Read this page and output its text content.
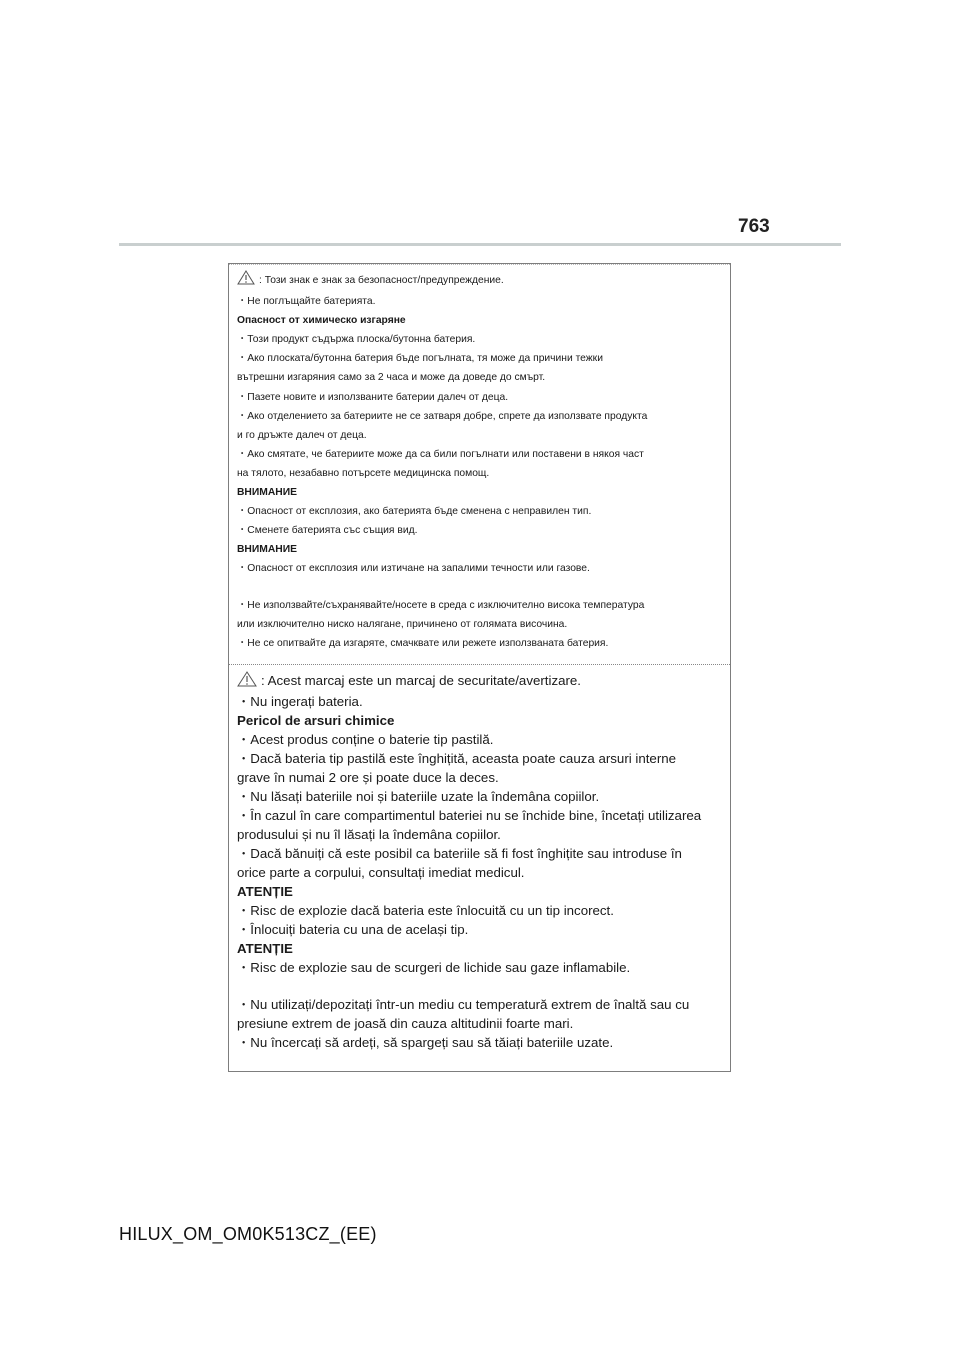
763
: Този знак е знак за безопасност/предупреждение.
・Не поглъщайте батерията.
Опасност от химическо изгаряне
・Този продукт съдържа плоска/бутонна батерия.
・Ако плоската/бутонна батерия бъде погълната, тя може да причини тежки
вътрешни изгаряния само за 2 часа и може да доведе до смърт.
・Пазете новите и използваните батерии далеч от деца.
・Ако отделението за батериите не се затваря добре, спрете да използвате продукта
и го дръжте далеч от деца.
・Ако смятате, че батериите може да са били погълнати или поставени в някоя част
на тялото, незабавно потърсете медицинска помощ.
ВНИМАНИЕ
・Опасност от експлозия, ако батерията бъде сменена с неправилен тип.
・Сменете батерията със същия вид.
ВНИМАНИЕ
・Опасност от експлозия или изтичане на запалими течности или газове.
・Не използвайте/съхранявайте/носете в среда с изключително висока температура
или изключително ниско налягане, причинено от голямата височина.
・Не се опитвайте да изгаряте, смачквате или режете използваната батерия.
: Acest marcaj este un marcaj de securitate/avertizare.
・Nu ingerați bateria.
Pericol de arsuri chimice
・Acest produs conține o baterie tip pastilă.
・Dacă bateria tip pastilă este înghițită, aceasta poate cauza arsuri interne
grave în numai 2 ore și poate duce la deces.
・Nu lăsați bateriile noi și bateriile uzate la îndemâna copiilor.
・În cazul în care compartimentul bateriei nu se închide bine, încetați utilizarea
produsului și nu îl lăsați la îndemâna copiilor.
・Dacă bănuiți că este posibil ca bateriile să fi fost înghițite sau introduse în
orice parte a corpului, consultați imediat medicul.
ATENȚIE
・Risc de explozie dacă bateria este înlocuită cu un tip incorect.
・Înlocuiți bateria cu una de același tip.
ATENȚIE
・Risc de explozie sau de scurgeri de lichide sau gaze inflamabile.
・Nu utilizați/depozitați într-un mediu cu temperatură extrem de înaltă sau cu
presiune extrem de joasă din cauza altitudinii foarte mari.
・Nu încercați să ardeți, să spargeți sau să tăiați bateriile uzate.
HILUX_OM_OM0K513CZ_(EE)
